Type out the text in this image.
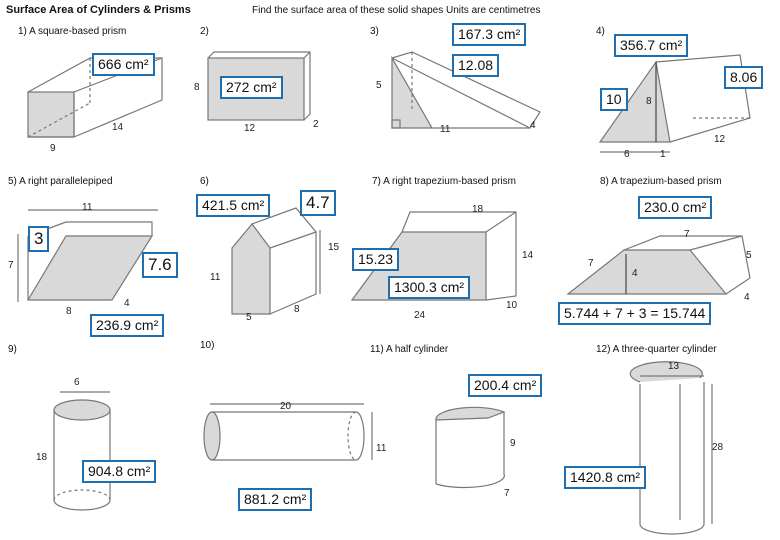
Surface Area of Cylinders & Prisms	Find the surface area of these solid shapes Units are centimetres
1) A square-based prism
666 cm²
9
14
2)
272 cm²
8
12	2
3)	167.3 cm²
12.08
5
11	4
4)
356.7 cm²
8.06
10	8
6	1
12
5) A right parallelepiped
3
7.6
236.9 cm²
11
7
8
4
6)
421.5 cm²	4.7
15
11
5
8
7) A right trapezium-based prism
15.23
1300.3 cm²
18
14
24
10
8) A trapezium-based prism
230.0 cm²
5.744 + 7 + 3 = 15.744
7
7
4
5
4
9)
904.8 cm²
6
18
10)
881.2 cm²
20
11
11) A half cylinder
200.4 cm²
9
7
12) A three-quarter cylinder
1420.8 cm²
13
28
